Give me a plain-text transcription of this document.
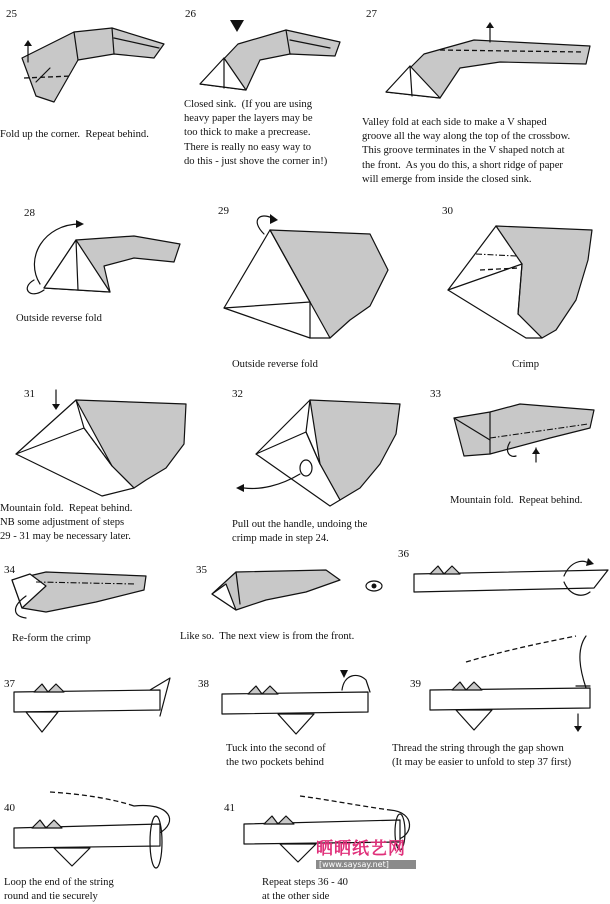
25
Fold up the corner.  Repeat behind.
26
Closed sink.  (If you are using
heavy paper the layers may be
too thick to make a precrease.
There is really no easy way to
do this - just shove the corner in!)
27
Valley fold at each side to make a V shaped
groove all the way along the top of the crossbow.
This groove terminates in the V shaped notch at
the front.  As you do this, a short ridge of paper
will emerge from inside the closed sink.
28
Outside reverse fold
29
Outside reverse fold
30
Crimp
31
Mountain fold.  Repeat behind.
NB some adjustment of steps
29 - 31 may be necessary later.
32
Pull out the handle, undoing the
crimp made in step 24.
33
Mountain fold.  Repeat behind.
34
Re-form the crimp
35
Like so.  The next view is from the front.
36
37	38
Tuck into the second of
the two pockets behind
39
Thread the string through the gap shown
(It may be easier to unfold to step 37 first)
40
Loop the end of the string
round and tie securely
41
Repeat steps 36 - 40
at the other side
晒晒纸艺网
[www.saysay.net]
